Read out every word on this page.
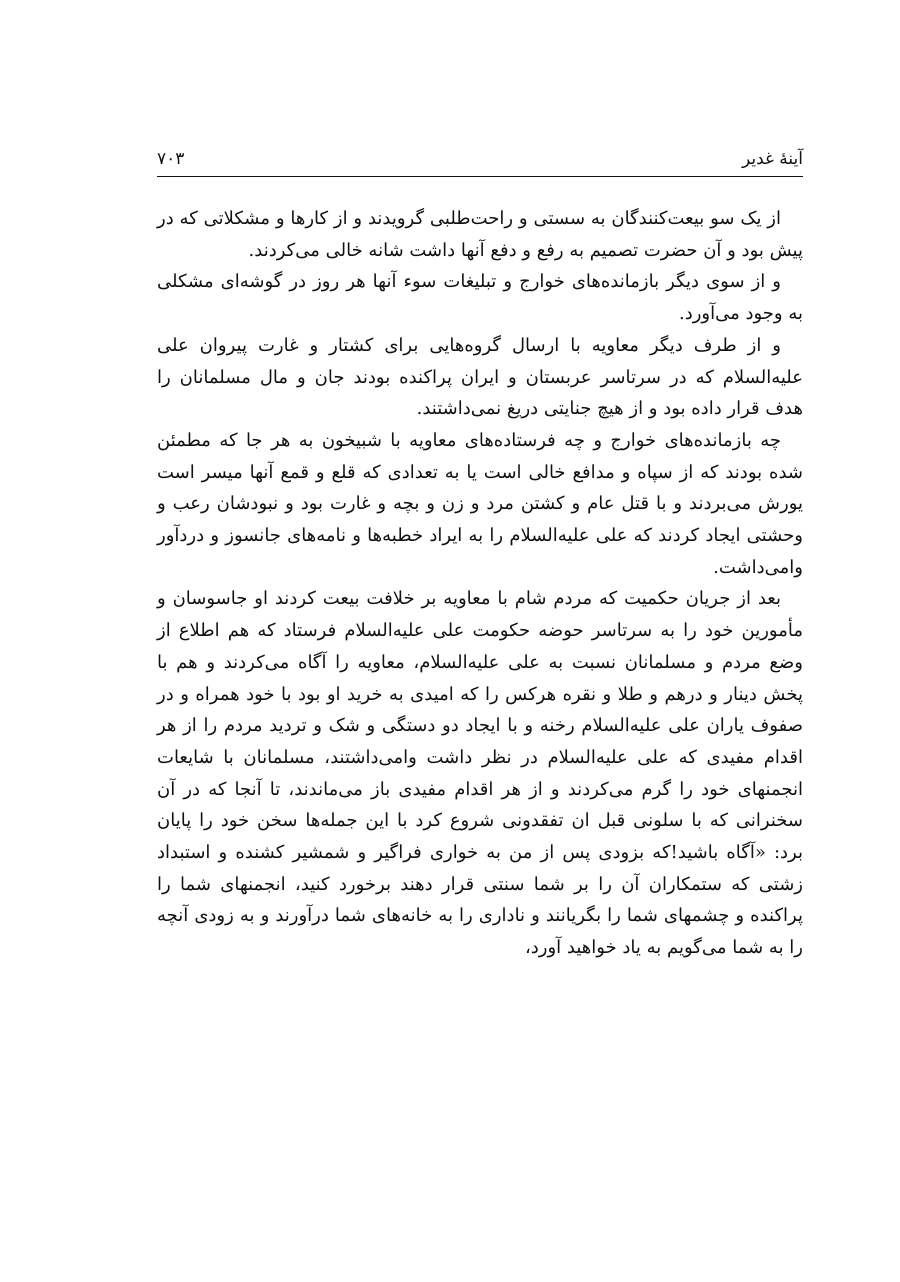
آینهٔ غدیر
۷۰۳

از یک سو بیعت‌کنندگان به سستی و راحت‌طلبی گرویدند و از کارها و مشکلاتی که در پیش بود و آن حضرت تصمیم به رفع و دفع آنها داشت شانه خالی می‌کردند.

و از سوی دیگر بازمانده‌های خوارج و تبلیغات سوء آنها هر روز در گوشه‌ای مشکلی به وجود می‌آورد.

و از طرف دیگر معاویه با ارسال گروه‌هایی برای کشتار و غارت پیروان علی علیه‌السلام که در سرتاسر عربستان و ایران پراکنده بودند جان و مال مسلمانان را هدف قرار داده بود و از هیچ جنایتی دریغ نمی‌داشتند.

چه بازمانده‌های خوارج و چه فرستاده‌های معاویه با شبیخون به هر جا که مطمئن شده بودند که از سپاه و مدافع خالی است یا به تعدادی که قلع و قمع آنها میسر است یورش می‌بردند و با قتل عام و کشتن مرد و زن و بچه و غارت بود و نبودشان رعب و وحشتی ایجاد کردند که علی علیه‌السلام را به ایراد خطبه‌ها و نامه‌های جانسوز و دردآور وامی‌داشت.

بعد از جریان حکمیت که مردم شام با معاویه بر خلافت بیعت کردند او جاسوسان و مأمورین خود را به سرتاسر حوضه حکومت علی علیه‌السلام فرستاد که هم اطلاع از وضع مردم و مسلمانان نسبت به علی علیه‌السلام، معاویه را آگاه می‌کردند و هم با پخش دینار و درهم و طلا و نقره هرکس را که امیدی به خرید او بود با خود همراه و در صفوف یاران علی علیه‌السلام رخنه و با ایجاد دو دستگی و شک و تردید مردم را از هر اقدام مفیدی که علی علیه‌السلام در نظر داشت وامی‌داشتند، مسلمانان با شایعات انجمنهای خود را گرم می‌کردند و از هر اقدام مفیدی باز می‌ماندند، تا آنجا که در آن سخنرانی که با سلونی قبل ان تفقدونی شروع کرد با این جمله‌ها سخن خود را پایان برد: «آگاه باشید!که بزودی پس از من به خواری فراگیر و شمشیر کشنده و استبداد زشتی که ستمکاران آن را بر شما سنتی قرار دهند برخورد کنید، انجمنهای شما را پراکنده و چشمهای شما را بگریانند و ناداری را به خانه‌های شما درآورند و به زودی آنچه را به شما می‌گویم به یاد خواهید آورد،
